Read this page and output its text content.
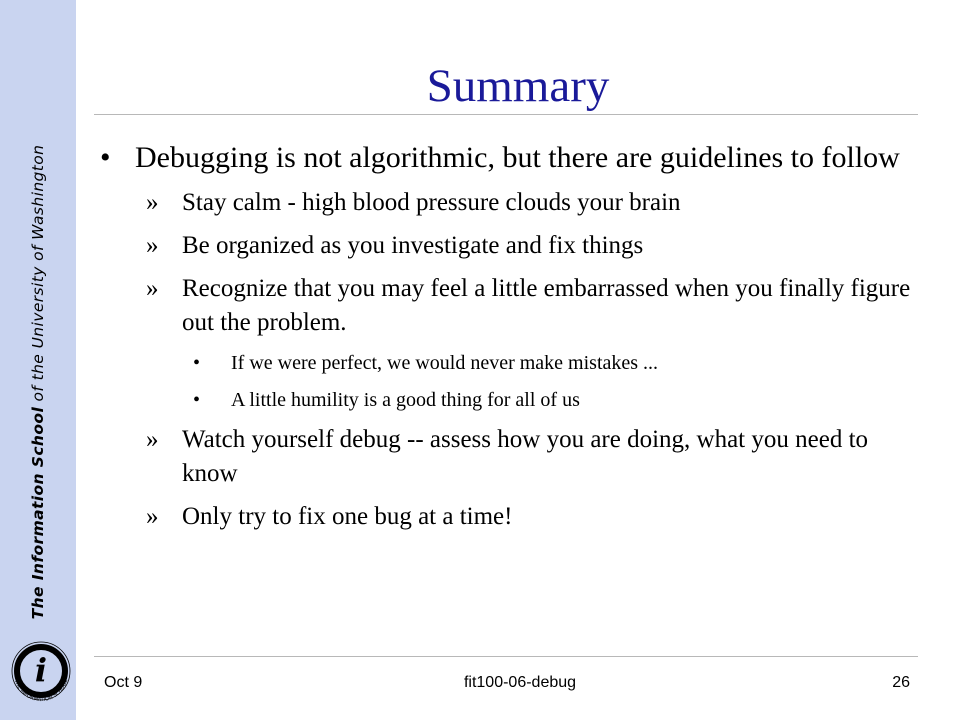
The Information School of the University of Washington
i
THE INFORMATION SCHOOL
Summary
• Debugging is not algorithmic, but there are guidelines to follow
» Stay calm - high blood pressure clouds your brain
» Be organized as you investigate and fix things
» Recognize that you may feel a little embarrassed when you finally figure out the problem.
• If we were perfect, we would never make mistakes ...
• A little humility is a good thing for all of us
» Watch yourself debug -- assess how you are doing, what you need to know
» Only try to fix one bug at a time!
Oct 9	fit100-06-debug	26
